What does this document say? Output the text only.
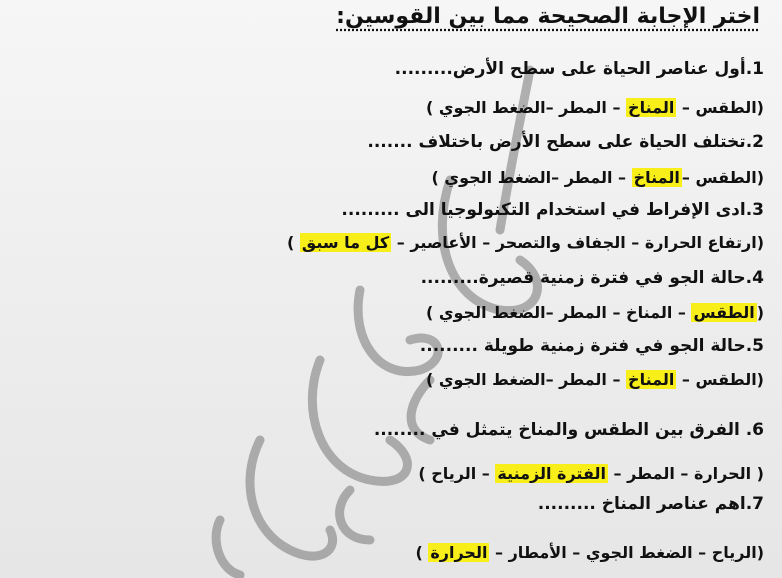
اختر الإجابة الصحيحة مما بين القوسين:
1.أول عناصر الحياة على سطح الأرض.........
(الطقس – المناخ – المطر –الضغط الجوي )
2.تختلف الحياة على سطح الأرض باختلاف .......
(الطقس –المناخ – المطر –الضغط الجوي )
3.ادى الإفراط في استخدام التكنولوجيا الى .........
(ارتفاع الحرارة – الجفاف والتصحر – الأعاصير – كل ما سبق )
4.حالة الجو في فترة زمنية قصيرة.........
(الطقس – المناخ – المطر –الضغط الجوي )
5.حالة الجو في فترة زمنية طويلة .........
(الطقس – المناخ – المطر –الضغط الجوي )
6. الفرق بين الطقس والمناخ يتمثل في ........
( الحرارة – المطر – الفترة الزمنية – الرياح )
7.اهم عناصر المناخ .........
(الرياح – الضغط الجوي – الأمطار – الحرارة )
